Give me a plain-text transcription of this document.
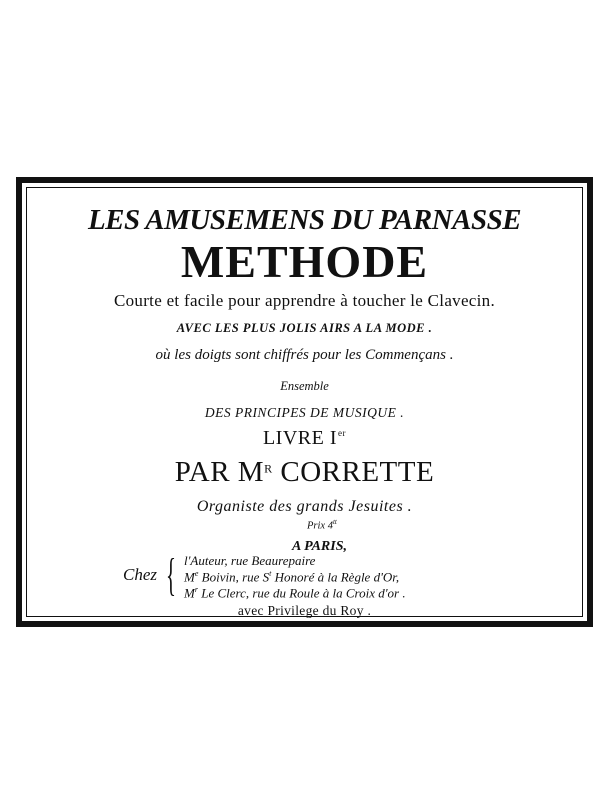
LES AMUSEMENS DU PARNASSE
METHODE
Courte et facile pour apprendre à toucher le Clavecin.
AVEC LES PLUS JOLIS AIRS A LA MODE .
où les doigts sont chiffrés pour les Commençans .
Ensemble
DES PRINCIPES DE MUSIQUE .
LIVRE Ier
PAR $M^R$ CORRETTE
Organiste des grands Jesuites .
Prix $4^{tt}$
A PARIS,
Chez { l'Auteur, rue Beaurepaire
Me Boivin, rue $S^t$ Honoré à la Règle d'Or,
$M^r$ Le Clerc, rue du Roule à la Croix d'or .
avec Privilege du Roy .
